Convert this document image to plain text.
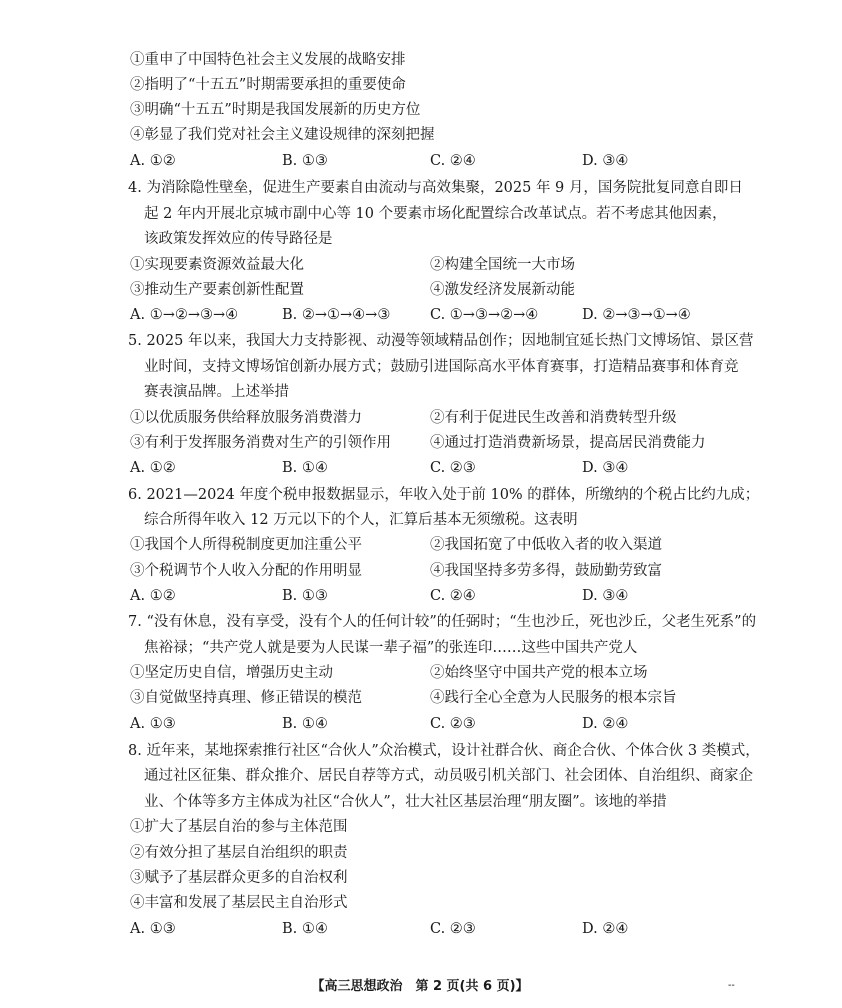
①重申了中国特色社会主义发展的战略安排
②指明了“十五五”时期需要承担的重要使命
③明确“十五五”时期是我国发展新的历史方位
④彰显了我们党对社会主义建设规律的深刻把握
A. ①②	B. ①③	C. ②④	D. ③④
4. 为消除隐性壁垒，促进生产要素自由流动与高效集聚，2025 年 9 月，国务院批复同意自即日
起 2 年内开展北京城市副中心等 10 个要素市场化配置综合改革试点。若不考虑其他因素，
该政策发挥效应的传导路径是
①实现要素资源效益最大化	②构建全国统一大市场
③推动生产要素创新性配置	④激发经济发展新动能
A. ①→②→③→④	B. ②→①→④→③	C. ①→③→②→④	D. ②→③→①→④
5. 2025 年以来，我国大力支持影视、动漫等领域精品创作；因地制宜延长热门文博场馆、景区营
业时间，支持文博场馆创新办展方式；鼓励引进国际高水平体育赛事，打造精品赛事和体育竞
赛表演品牌。上述举措
①以优质服务供给释放服务消费潜力	②有利于促进民生改善和消费转型升级
③有利于发挥服务消费对生产的引领作用	④通过打造消费新场景，提高居民消费能力
A. ①②	B. ①④	C. ②③	D. ③④
6. 2021—2024 年度个税申报数据显示，年收入处于前 10% 的群体，所缴纳的个税占比约九成；
综合所得年收入 12 万元以下的个人，汇算后基本无须缴税。这表明
①我国个人所得税制度更加注重公平	②我国拓宽了中低收入者的收入渠道
③个税调节个人收入分配的作用明显	④我国坚持多劳多得，鼓励勤劳致富
A. ①②	B. ①③	C. ②④	D. ③④
7. “没有休息，没有享受，没有个人的任何计较”的任弼时；“生也沙丘，死也沙丘，父老生死系”的
焦裕禄；“共产党人就是要为人民谋一辈子福”的张连印……这些中国共产党人
①坚定历史自信，增强历史主动	②始终坚守中国共产党的根本立场
③自觉做坚持真理、修正错误的模范	④践行全心全意为人民服务的根本宗旨
A. ①③	B. ①④	C. ②③	D. ②④
8. 近年来，某地探索推行社区“合伙人”众治模式，设计社群合伙、商企合伙、个体合伙 3 类模式，
通过社区征集、群众推介、居民自荐等方式，动员吸引机关部门、社会团体、自治组织、商家企
业、个体等多方主体成为社区“合伙人”，壮大社区基层治理“朋友圈”。该地的举措
①扩大了基层自治的参与主体范围
②有效分担了基层自治组织的职责
③赋予了基层群众更多的自治权利
④丰富和发展了基层民主自治形式
A. ①③	B. ①④	C. ②③	D. ②④
【高三思想政治　第 2 页(共 6 页)】	--
